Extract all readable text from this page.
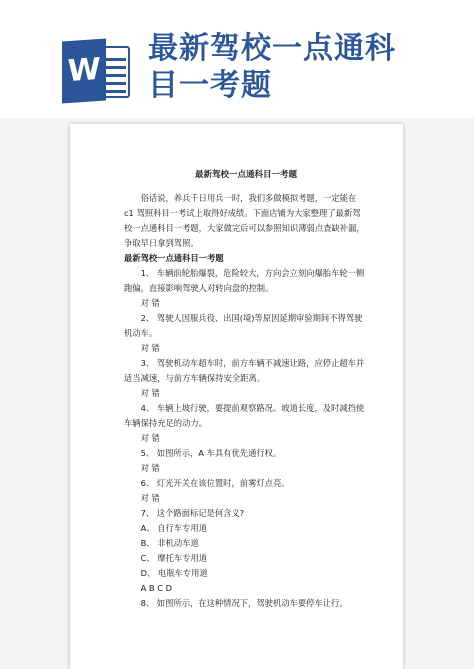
W
最新驾校一点通科
目一考题
最新驾校一点通科目一考题

俗话说，养兵千日用兵一时，我们多做模拟考题，一定能在 c1 驾照科目一考试上取得好成绩。下面店铺为大家整理了最新驾校一点通科目一考题，大家做完后可以参照知识薄弱点查缺补漏，争取早日拿到驾照。

最新驾校一点通科目一考题

1、 车辆前轮胎爆裂，危险较大，方向会立刻向爆胎车轮一侧跑偏，直接影响驾驶人对转向盘的控制。

对 错

2、 驾驶人因服兵役、出国(境)等原因延期审验期间不得驾驶机动车。

对 错

3、 驾驶机动车超车时，前方车辆不减速让路，应停止超车并适当减速，与前方车辆保持安全距离。

对 错

4、 车辆上坡行驶，要提前观察路况、坡道长度，及时减挡使车辆保持充足的动力。

对 错

5、 如图所示，A 车具有优先通行权。

对 错

6、 灯光开关在该位置时，前雾灯点亮。

对 错

7、 这个路面标记是何含义?

A、 自行车专用道

B、 非机动车道

C、 摩托车专用道

D、 电瓶车专用道

A B C D

8、 如图所示，在这种情况下，驾驶机动车要停车让行。
